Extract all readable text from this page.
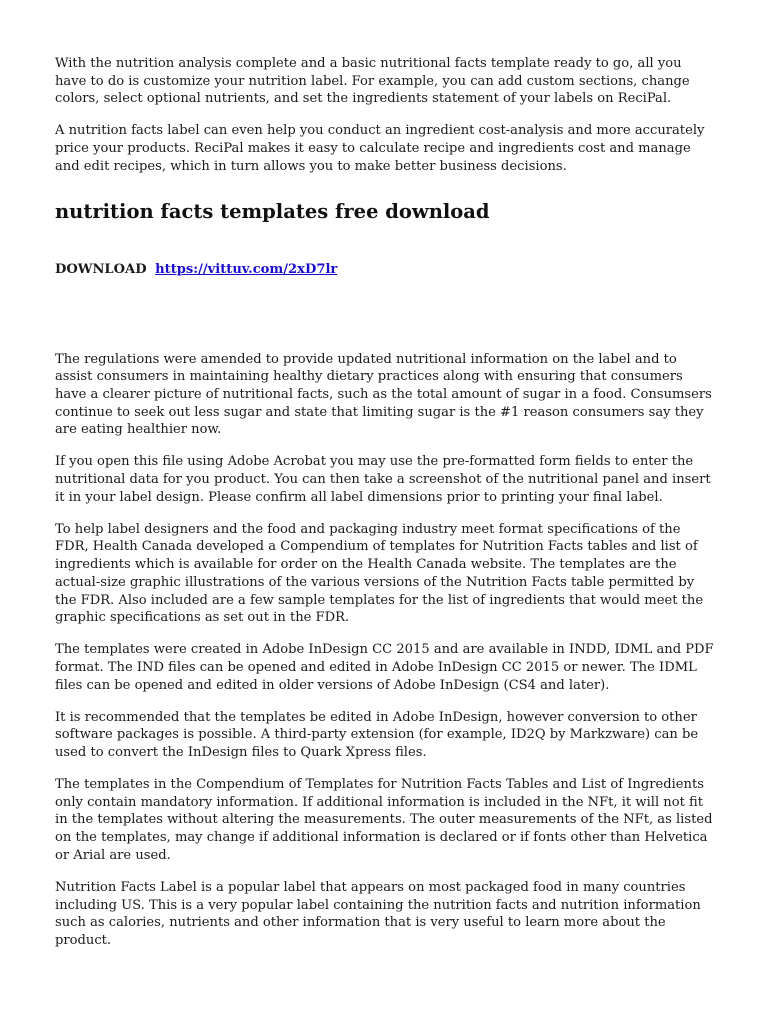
With the nutrition analysis complete and a basic nutritional facts template ready to go, all you have to do is customize your nutrition label. For example, you can add custom sections, change colors, select optional nutrients, and set the ingredients statement of your labels on ReciPal.

A nutrition facts label can even help you conduct an ingredient cost-analysis and more accurately price your products. ReciPal makes it easy to calculate recipe and ingredients cost and manage and edit recipes, which in turn allows you to make better business decisions.

nutrition facts templates free download

DOWNLOAD https://vittuv.com/2xD7lr

The regulations were amended to provide updated nutritional information on the label and to assist consumers in maintaining healthy dietary practices along with ensuring that consumers have a clearer picture of nutritional facts, such as the total amount of sugar in a food. Consumsers continue to seek out less sugar and state that limiting sugar is the #1 reason consumers say they are eating healthier now.

If you open this file using Adobe Acrobat you may use the pre-formatted form fields to enter the nutritional data for you product. You can then take a screenshot of the nutritional panel and insert it in your label design. Please confirm all label dimensions prior to printing your final label.

To help label designers and the food and packaging industry meet format specifications of the FDR, Health Canada developed a Compendium of templates for Nutrition Facts tables and list of ingredients which is available for order on the Health Canada website. The templates are the actual-size graphic illustrations of the various versions of the Nutrition Facts table permitted by the FDR. Also included are a few sample templates for the list of ingredients that would meet the graphic specifications as set out in the FDR.

The templates were created in Adobe InDesign CC 2015 and are available in INDD, IDML and PDF format. The IND files can be opened and edited in Adobe InDesign CC 2015 or newer. The IDML files can be opened and edited in older versions of Adobe InDesign (CS4 and later).

It is recommended that the templates be edited in Adobe InDesign, however conversion to other software packages is possible. A third-party extension (for example, ID2Q by Markzware) can be used to convert the InDesign files to Quark Xpress files.

The templates in the Compendium of Templates for Nutrition Facts Tables and List of Ingredients only contain mandatory information. If additional information is included in the NFt, it will not fit in the templates without altering the measurements. The outer measurements of the NFt, as listed on the templates, may change if additional information is declared or if fonts other than Helvetica or Arial are used.

Nutrition Facts Label is a popular label that appears on most packaged food in many countries including US. This is a very popular label containing the nutrition facts and nutrition information such as calories, nutrients and other information that is very useful to learn more about the product.
